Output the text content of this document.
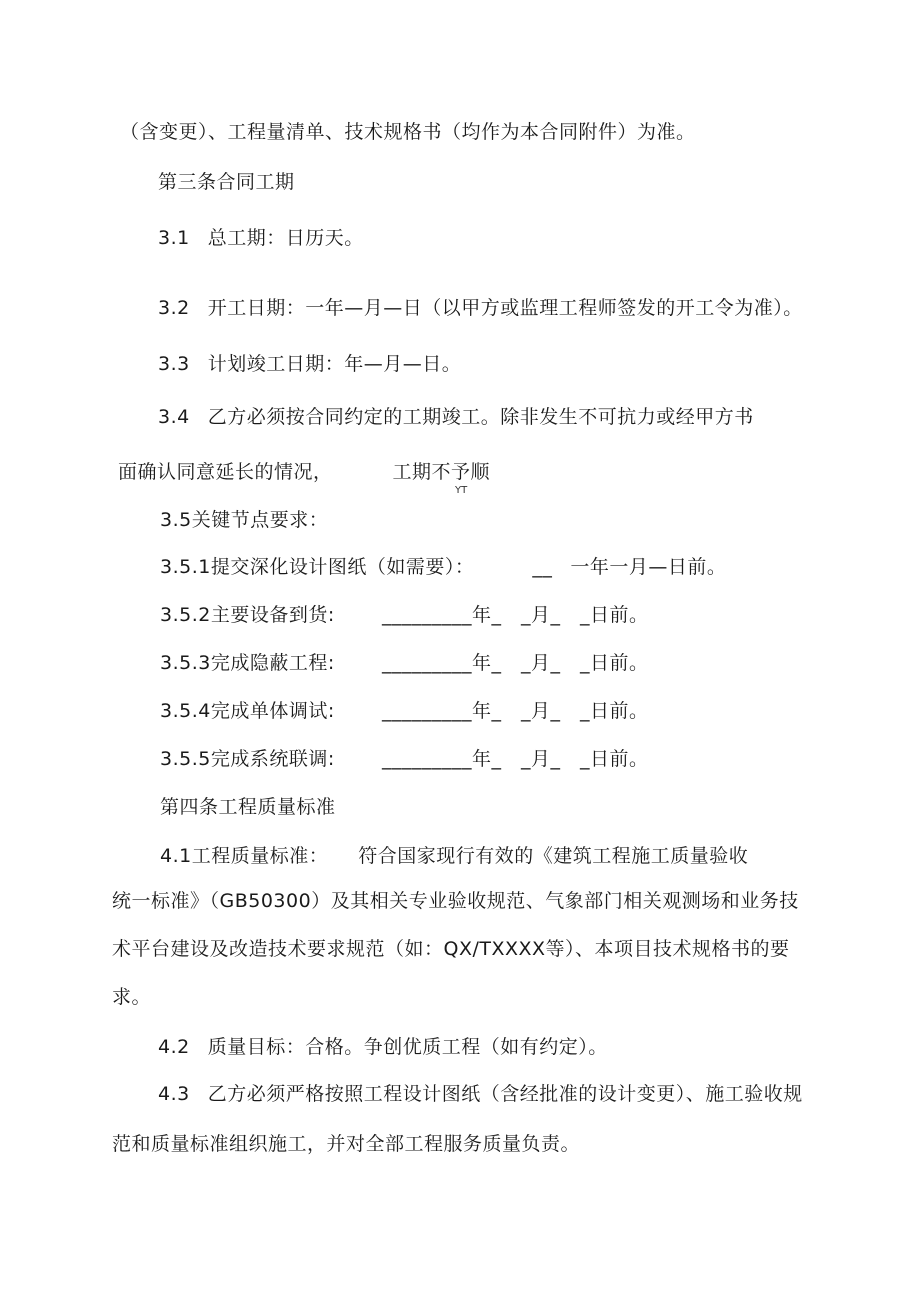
（含变更）、工程量清单、技术规格书（均作为本合同附件）为准。
第三条合同工期
3.1 总工期：日历天。
3.2 开工日期：一年—月—日（以甲方或监理工程师签发的开工令为准）。
3.3 计划竣工日期：年—月—日。
3.4 乙方必须按合同约定的工期竣工。除非发生不可抗力或经甲方书
面确认同意延长的情况，	工期不予顺
YT
3.5关键节点要求：
3.5.1提交深化设计图纸（如需要）：	__ 一年一月—日前。
3.5.2主要设备到货: _________年_　_月_　_日前。
3.5.3完成隐蔽工程: _________年_　_月_　_日前。
3.5.4完成单体调试: _________年_　_月_　_日前。
3.5.5完成系统联调: _________年_　_月_　_日前。
第四条工程质量标准
4.1工程质量标准： 符合国家现行有效的《建筑工程施工质量验收
统一标准》（GB50300）及其相关专业验收规范、气象部门相关观测场和业务技
术平台建设及改造技术要求规范（如：QX/TXXXX等）、本项目技术规格书的要
求。
4.2 质量目标：合格。争创优质工程（如有约定）。
4.3 乙方必须严格按照工程设计图纸（含经批准的设计变更）、施工验收规
范和质量标准组织施工，并对全部工程服务质量负责。
